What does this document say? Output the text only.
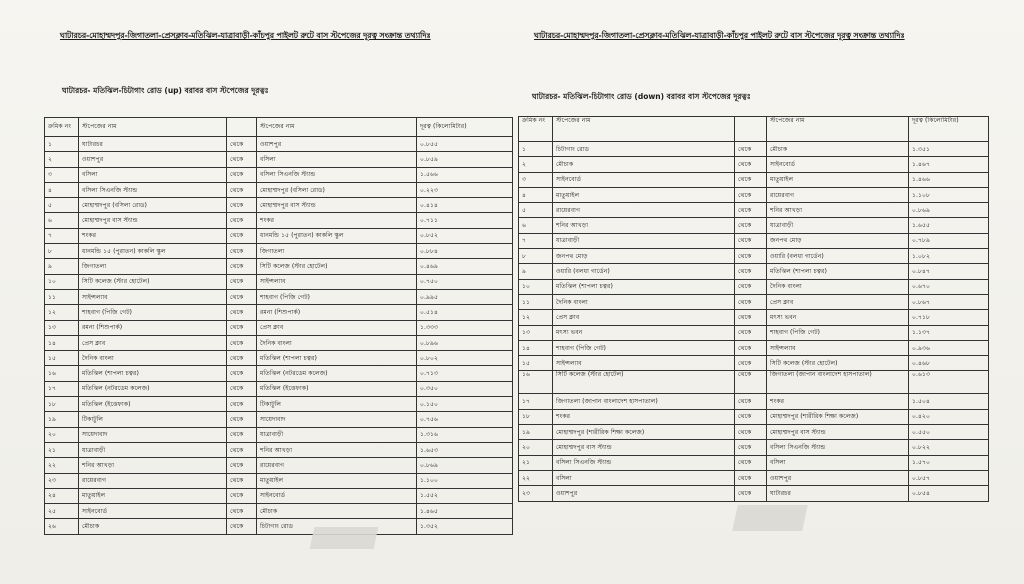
ঘাটারচর-মোহাম্মদপুর-জিগাতলা-প্রেসক্লাব-মতিঝিল-যাত্রাবাড়ী-কাঁচপুর পাইলট রুটে বাস স্টপেজের দূরত্ব সংক্রান্ত তথ্যাদিঃ
ঘাটারচর- মতিঝিল-চিটাগাং রোড (up) বরাবর বাস স্টপেজের দূরত্বঃ
ক্রমিক নং	স্টপেজের নাম		স্টপেজের নাম	দূরত্ব (কিলোমিটার)
১	ঘাটারচর	থেকে	ওয়াশপুর	০.৮৫৫
২	ওয়াশপুর	থেকে	বসিলা	০.৮৫৯
৩	বসিলা	থেকে	বসিলা সিএনজি স্ট্যান্ড	১.৫৬৬
৪	বসিলা সিএনজি স্ট্যান্ড	থেকে	মোহাম্মদপুর (বসিলা রোড)	০.২২৩
৫	মোহাম্মদপুর (বসিলা রোড)	থেকে	মোহাম্মদপুর বাস স্ট্যান্ড	০.৪১৪
৬	মোহাম্মদপুর বাস স্ট্যান্ড	থেকে	শংকর	০.৭১১
৭	শংকর	থেকে	ধানমন্ডি ১৫ (পুরাতন) কাকলি স্কুল	০.৮৫২
৮	ধানমন্ডি ১৫ (পুরাতন) কাকলি স্কুল	থেকে	জিগাতলা	০.৮৮৪
৯	জিগাতলা	থেকে	সিটি কলেজ (স্টার হোটেল)	০.৪৬৯
১০	সিটি কলেজ (স্টার হোটেল)	থেকে	সাইন্সল্যাব	০.৭৫০
১১	সাইন্সল্যাব	থেকে	শাহবাগ (পিজি গেট)	০.৯৯৫
১২	শাহবাগ (পিজি গেট)	থেকে	রমনা (শিশুপার্ক)	০.৫১৪
১৩	রমনা (শিশুপার্ক)	থেকে	প্রেস ক্লাব	১.৩৩৩
১৪	প্রেস ক্লাব	থেকে	দৈনিক বাংলা	০.৮৯৬
১৫	দৈনিক বাংলা	থেকে	মতিঝিল (শাপলা চত্বর)	০.৮০২
১৬	মতিঝিল (শাপলা চত্বর)	থেকে	মতিঝিল (নটরডেম কলেজ)	০.৭১৩
১৭	মতিঝিল (নটরডেম কলেজ)	থেকে	মতিঝিল (ইত্তেফাক)	০.৩৫০
১৮	মতিঝিল (ইত্তেফাক)	থেকে	টিকাটুলি	০.১৫০
১৯	টিকাটুলি	থেকে	সায়েদাবাদ	০.৭৫৬
২০	সায়েদাবাদ	থেকে	যাত্রাবাড়ী	১.৩১৬
২১	যাত্রাবাড়ী	থেকে	শনির আখড়া	১.৬৫৩
২২	শনির আখড়া	থেকে	রায়েরবাগ	০.৮৬৯
২৩	রায়েরবাগ	থেকে	মাতুয়াইল	১.১০০
২৪	মাতুয়াইল	থেকে	সাইনবোর্ড	১.৫৫২
২৫	সাইনবোর্ড	থেকে	মৌচাক	১.৪৬৫
২৬	মৌচাক	থেকে	চিটাগাং রোড	১.৩৫২
ঘাটারচর-মোহাম্মদপুর-জিগাতলা-প্রেসক্লাব-মতিঝিল-যাত্রাবাড়ী-কাঁচপুর পাইলট রুটে বাস স্টপেজের দূরত্ব সংক্রান্ত তথ্যাদিঃ
ঘাটারচর- মতিঝিল-চিটাগাং রোড (down) বরাবর বাস স্টপেজের দূরত্বঃ
ক্রমিক নং	স্টপেজের নাম		স্টপেজের নাম	দূরত্ব (কিলোমিটার)
১	চিটাগাং রোড	থেকে	মৌচাক	১.৩৫১
২	মৌচাক	থেকে	সাইনবোর্ড	১.৪৬৭
৩	সাইনবোর্ড	থেকে	মাতুয়াইল	১.৪৬৬
৪	মাতুয়াইল	থেকে	রায়েরবাগ	১.১০৮
৫	রায়েরবাগ	থেকে	শনির আখড়া	০.৮৬৯
৬	শনির আখড়া	থেকে	যাত্রাবাড়ী	১.৬৫৫
৭	যাত্রাবাড়ী	থেকে	জনপথ মোড়	০.৭৮৯
৮	জনপথ মোড়	থেকে	ওয়ারি (বলধা গার্ডেন)	১.০৮২
৯	ওয়ারি (বলধা গার্ডেন)	থেকে	মতিঝিল (শাপলা চত্বর)	০.৮৪৭
১০	মতিঝিল (শাপলা চত্বর)	থেকে	দৈনিক বাংলা	০.৬৭০
১১	দৈনিক বাংলা	থেকে	প্রেস ক্লাব	০.৮৬৭
১২	প্রেস ক্লাব	থেকে	মৎস্য ভবন	০.৭১৮
১৩	মৎস্য ভবন	থেকে	শাহবাগ (পিজি গেট)	১.১৩৭
১৪	শাহবাগ (পিজি গেট)	থেকে	সাইন্সল্যাব	০.৯৩৬
১৫	সাইন্সল্যাব	থেকে	সিটি কলেজ (স্টার হোটেল)	০.৪৬৮
১৬	সিটি কলেজ (স্টার হোটেল)	থেকে	জিগাতলা (জাপান বাংলাদেশ হাসপাতাল)	০.৬১৩
১৭	জিগাতলা (জাপান বাংলাদেশ হাসপাতাল)	থেকে	শংকর	১.৫০৪
১৮	শংকর	থেকে	মোহাম্মদপুর (শারীরিক শিক্ষা কলেজ)	০.৪২০
১৯	মোহাম্মদপুর (শারীরিক শিক্ষা কলেজ)	থেকে	মোহাম্মদপুর বাস স্ট্যান্ড	০.৫৫০
২০	মোহাম্মদপুর বাস স্ট্যান্ড	থেকে	বসিলা সিএনজি স্ট্যান্ড	০.৮২২
২১	বসিলা সিএনজি স্ট্যান্ড	থেকে	বসিলা	১.৫৭০
২২	বসিলা	থেকে	ওয়াশপুর	০.৮৫৭
২৩	ওয়াশপুর	থেকে	ঘাটারচর	০.৮৫৪
